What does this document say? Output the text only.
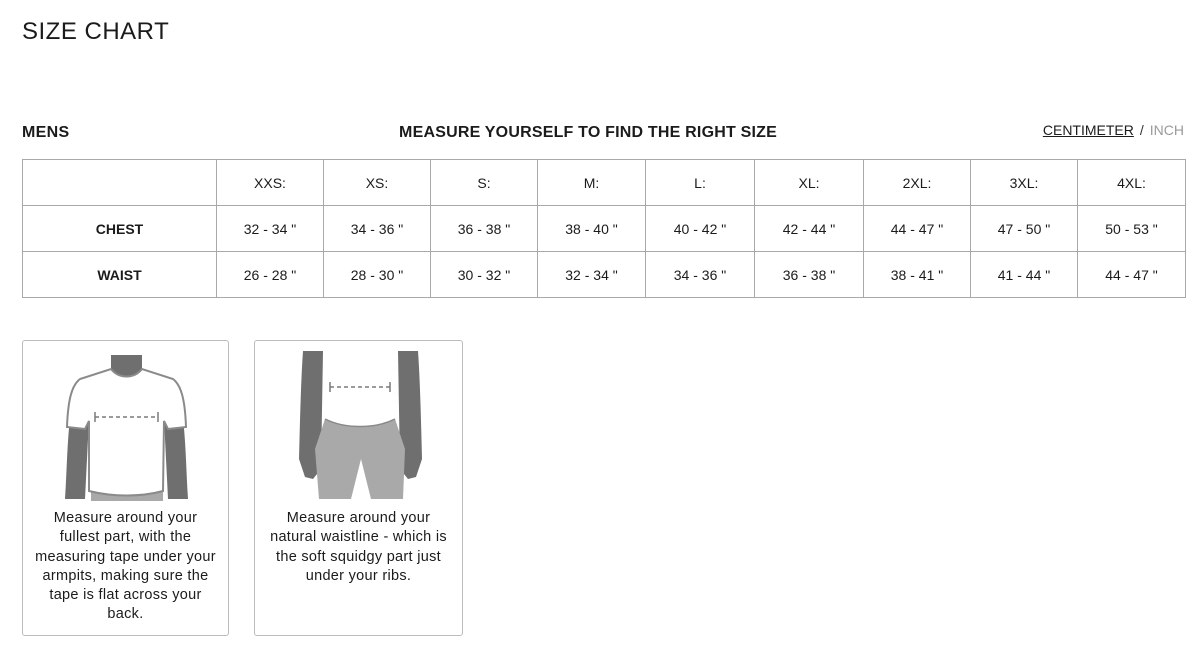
SIZE CHART
MENS	MEASURE YOURSELF TO FIND THE RIGHT SIZE	CENTIMETER / INCH
	XXS:	XS:	S:	M:	L:	XL:	2XL:	3XL:	4XL:
CHEST	32 - 34 "	34 - 36 "	36 - 38 "	38 - 40 "	40 - 42 "	42 - 44 "	44 - 47 "	47 - 50 "	50 - 53 "
WAIST	26 - 28 "	28 - 30 "	30 - 32 "	32 - 34 "	34 - 36 "	36 - 38 "	38 - 41 "	41 - 44 "	44 - 47 "
Measure around your fullest part, with the measuring tape under your armpits, making sure the tape is flat across your back.
Measure around your natural waistline - which is the soft squidgy part just under your ribs.
